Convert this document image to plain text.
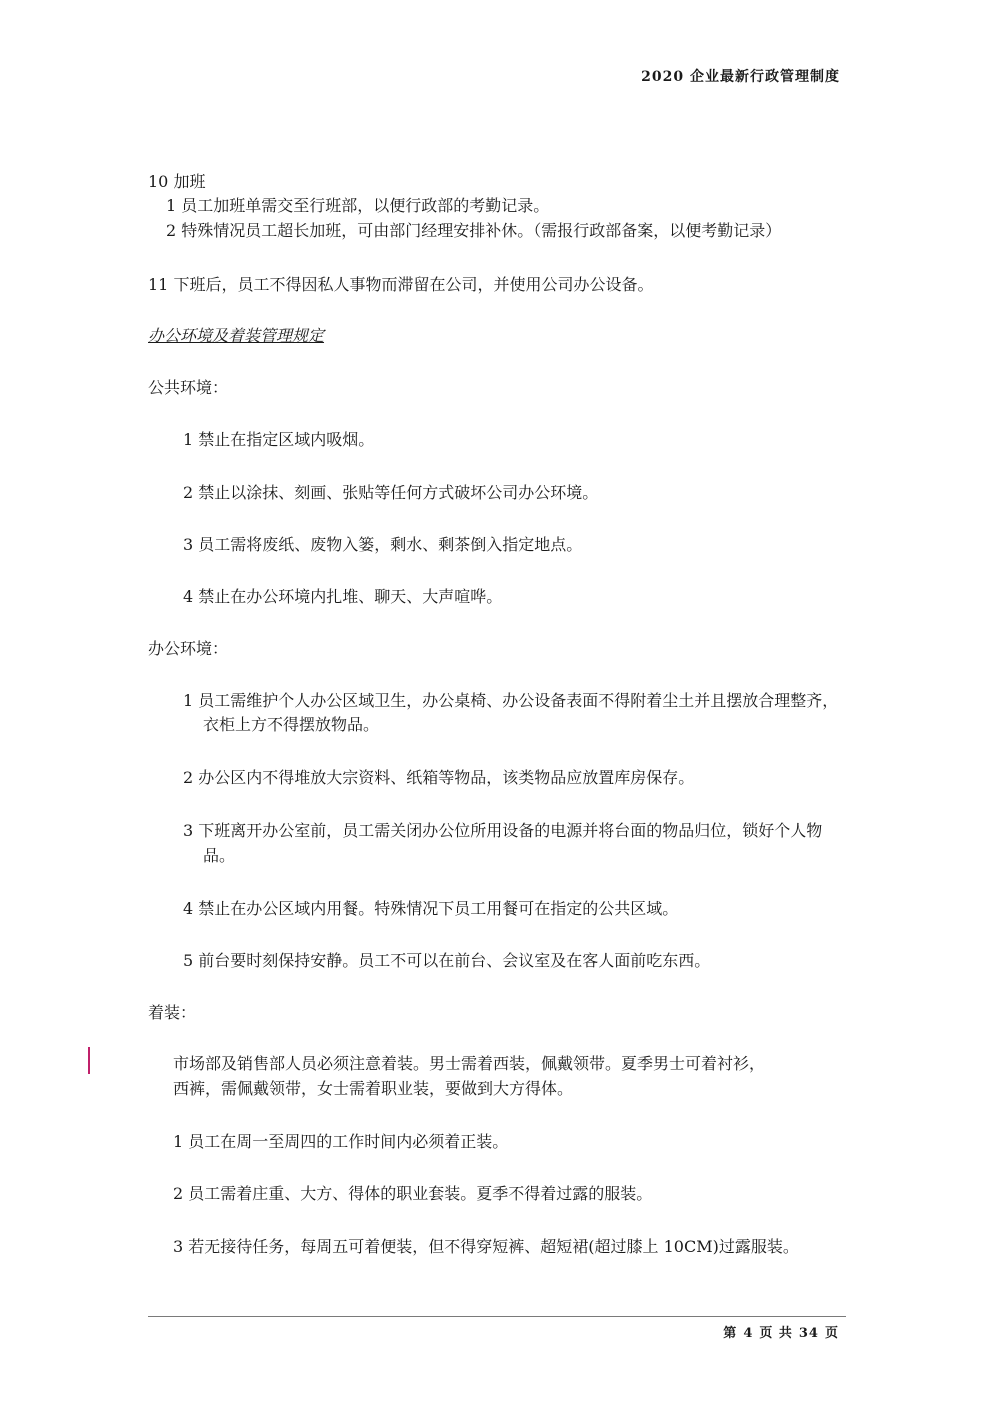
2020 企业最新行政管理制度
10 加班
1 员工加班单需交至行班部，以便行政部的考勤记录。
2 特殊情况员工超长加班，可由部门经理安排补休。（需报行政部备案，以便考勤记录）
11 下班后，员工不得因私人事物而滞留在公司，并使用公司办公设备。
办公环境及着装管理规定
公共环境：
1 禁止在指定区域内吸烟。
2 禁止以涂抹、刻画、张贴等任何方式破坏公司办公环境。
3 员工需将废纸、废物入篓，剩水、剩茶倒入指定地点。
4 禁止在办公环境内扎堆、聊天、大声喧哗。
办公环境：
1 员工需维护个人办公区域卫生，办公桌椅、办公设备表面不得附着尘土并且摆放合理整齐，
衣柜上方不得摆放物品。
2 办公区内不得堆放大宗资料、纸箱等物品，该类物品应放置库房保存。
3 下班离开办公室前，员工需关闭办公位所用设备的电源并将台面的物品归位，锁好个人物
品。
4 禁止在办公区域内用餐。特殊情况下员工用餐可在指定的公共区域。
5 前台要时刻保持安静。员工不可以在前台、会议室及在客人面前吃东西。
着装：
市场部及销售部人员必须注意着装。男士需着西装，佩戴领带。夏季男士可着衬衫，
西裤，需佩戴领带，女士需着职业装，要做到大方得体。
1 员工在周一至周四的工作时间内必须着正装。
2 员工需着庄重、大方、得体的职业套装。夏季不得着过露的服装。
3 若无接待任务，每周五可着便装，但不得穿短裤、超短裙(超过膝上 10CM)过露服装。
第 4 页 共 34 页
